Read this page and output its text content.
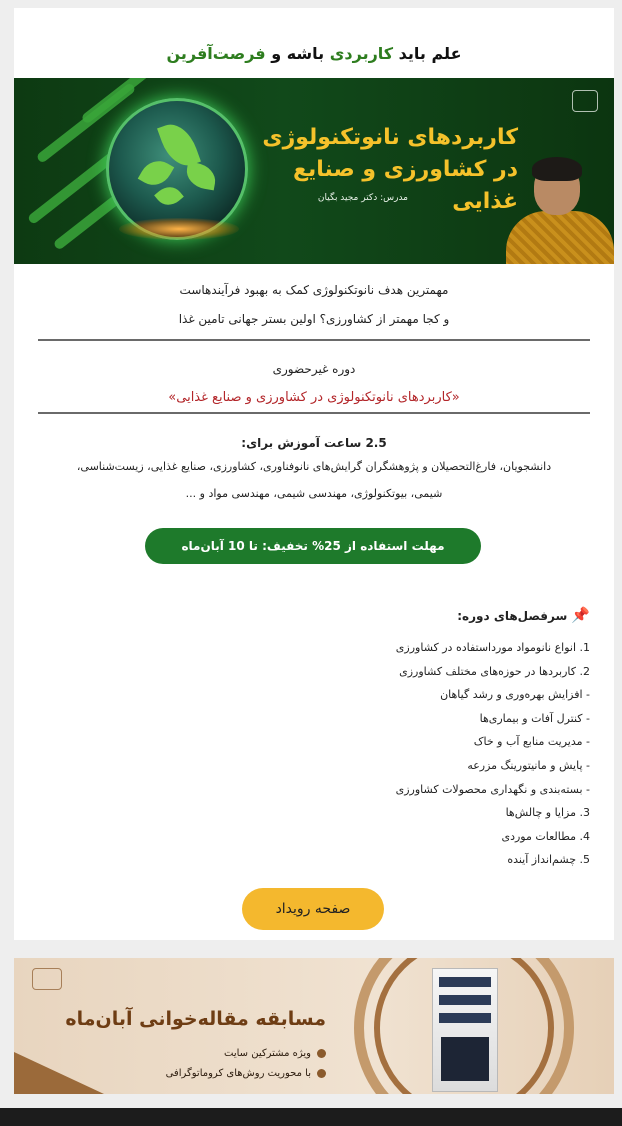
علم باید کاربردی باشه و فرصت‌آفرین
کاربردهای نانوتکنولوژی
در کشاورزی و صنایع غذایی
مدرس: دکتر مجید بگیان
مهمترین هدف نانوتکنولوژی کمک به بهبود فرآیندهاست
و کجا مهمتر از کشاورزی؟ اولین بستر جهانی تامین غذا
دوره غیرحضوری
«کاربردهای نانوتکنولوژی در کشاورزی و صنایع غذایی»
2.5 ساعت آموزش برای:
دانشجویان، فارغ‌التحصیلان و پژوهشگران گرایش‌های نانوفناوری، کشاورزی، صنایع غذایی، زیست‌شناسی،
شیمی، بیوتکنولوژی، مهندسی شیمی، مهندسی مواد و ...
مهلت استفاده از 25% تخفیف: تا 10 آبان‌ماه
📌سرفصل‌های دوره:
1. انواع نانومواد مورداستفاده در کشاورزی
2. کاربردها در حوزه‌های مختلف کشاورزی
- افزایش بهره‌وری و رشد گیاهان
- کنترل آفات و بیماری‌ها
- مدیریت منابع آب و خاک
- پایش و مانیتورینگ مزرعه
- بسته‌بندی و نگهداری محصولات کشاورزی
3. مزایا و چالش‌ها
4. مطالعات موردی
5. چشم‌انداز آینده
صفحه رویداد
مسابقه مقاله‌خوانی آبان‌ماه
ویژه مشترکین سایت
با محوریت روش‌های کروماتوگرافی
